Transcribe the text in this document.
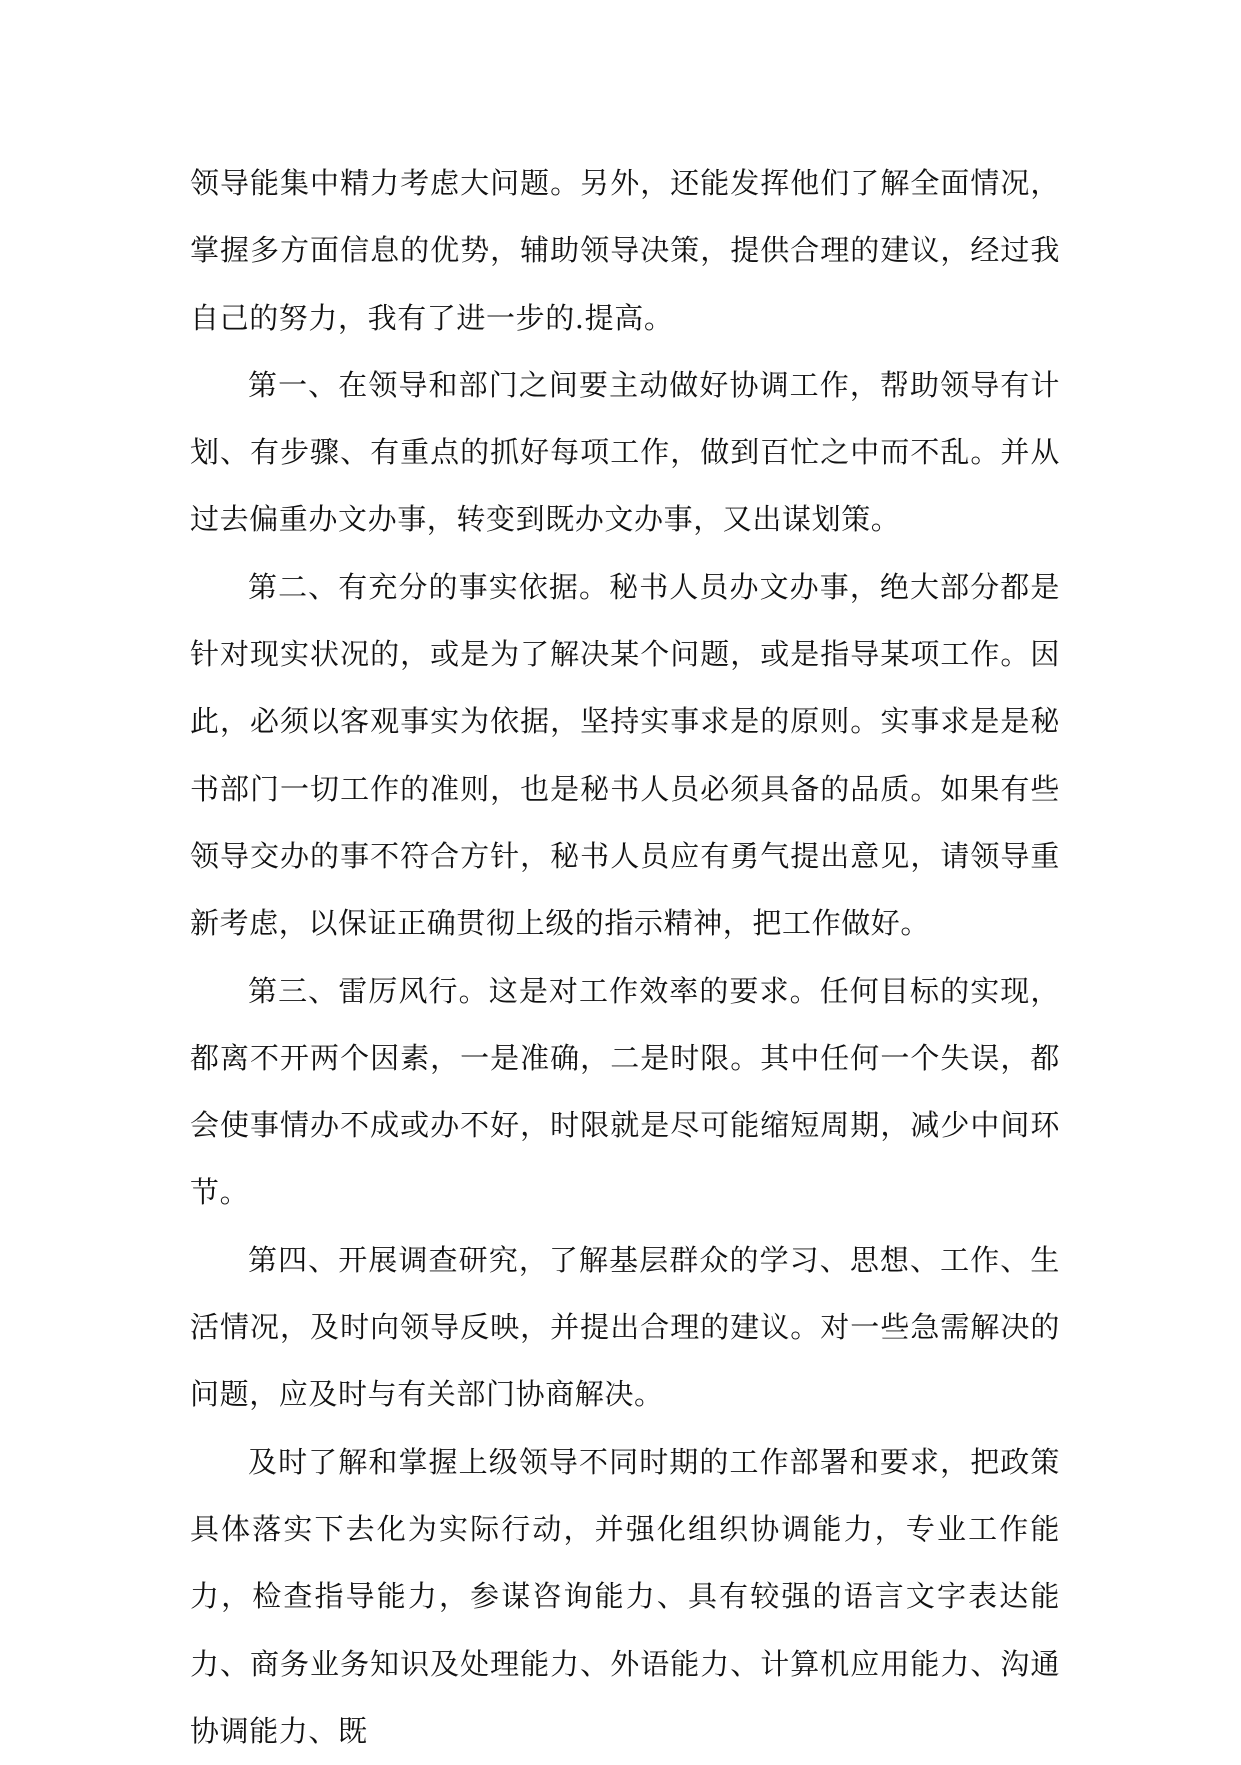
领导能集中精力考虑大问题。另外，还能发挥他们了解全面情况，掌握多方面信息的优势，辅助领导决策，提供合理的建议，经过我自己的努力，我有了进一步的.提高。

第一、在领导和部门之间要主动做好协调工作，帮助领导有计划、有步骤、有重点的抓好每项工作，做到百忙之中而不乱。并从过去偏重办文办事，转变到既办文办事，又出谋划策。

第二、有充分的事实依据。秘书人员办文办事，绝大部分都是针对现实状况的，或是为了解决某个问题，或是指导某项工作。因此，必须以客观事实为依据，坚持实事求是的原则。实事求是是秘书部门一切工作的准则，也是秘书人员必须具备的品质。如果有些领导交办的事不符合方针，秘书人员应有勇气提出意见，请领导重新考虑，以保证正确贯彻上级的指示精神，把工作做好。

第三、雷厉风行。这是对工作效率的要求。任何目标的实现，都离不开两个因素，一是准确，二是时限。其中任何一个失误，都会使事情办不成或办不好，时限就是尽可能缩短周期，减少中间环节。

第四、开展调查研究，了解基层群众的学习、思想、工作、生活情况，及时向领导反映，并提出合理的建议。对一些急需解决的问题，应及时与有关部门协商解决。

及时了解和掌握上级领导不同时期的工作部署和要求，把政策具体落实下去化为实际行动，并强化组织协调能力，专业工作能力，检查指导能力，参谋咨询能力、具有较强的语言文字表达能力、商务业务知识及处理能力、外语能力、计算机应用能力、沟通协调能力、既
